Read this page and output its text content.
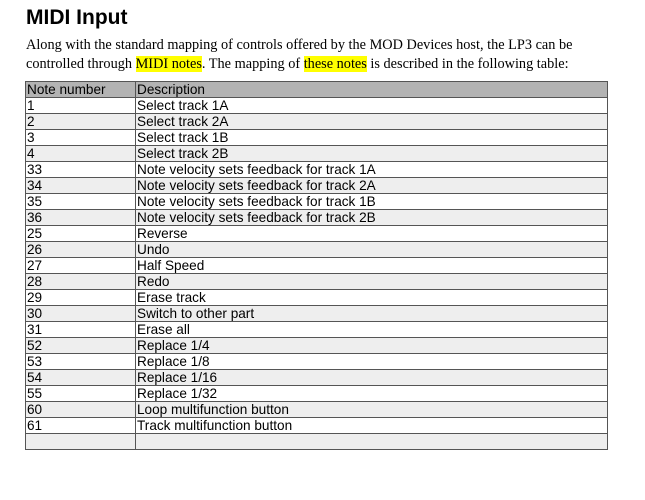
MIDI Input

Along with the standard mapping of controls offered by the MOD Devices host, the LP3 can be
controlled through MIDI notes. The mapping of these notes is described in the following table:

Note number	Description
1	Select track 1A
2	Select track 2A
3	Select track 1B
4	Select track 2B
33	Note velocity sets feedback for track 1A
34	Note velocity sets feedback for track 2A
35	Note velocity sets feedback for track 1B
36	Note velocity sets feedback for track 2B
25	Reverse
26	Undo
27	Half Speed
28	Redo
29	Erase track
30	Switch to other part
31	Erase all
52	Replace 1/4
53	Replace 1/8
54	Replace 1/16
55	Replace 1/32
60	Loop multifunction button
61	Track multifunction button
